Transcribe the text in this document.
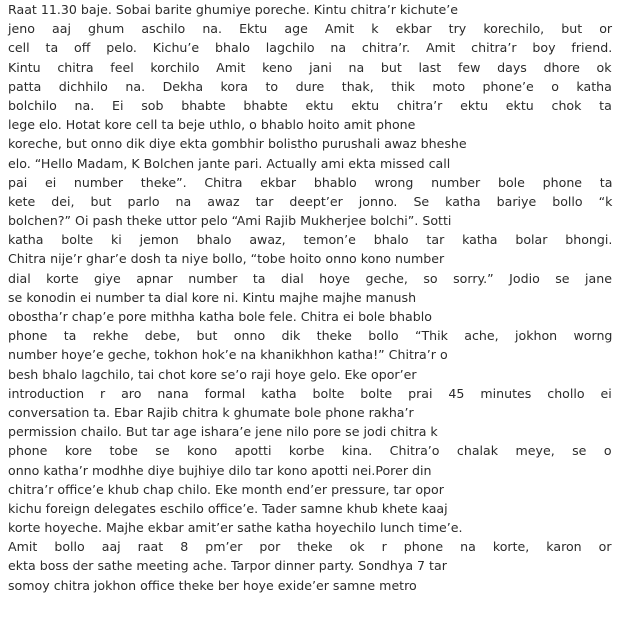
Raat 11.30 baje. Sobai barite ghumiye poreche. Kintu chitra’r kichute’e
jeno aaj ghum aschilo na. Ektu age Amit k ekbar try korechilo, but or
cell ta off pelo. Kichu’e bhalo lagchilo na chitra’r. Amit chitra’r boy friend.
Kintu chitra feel korchilo Amit keno jani na but last few days dhore ok
patta dichhilo na. Dekha kora to dure thak, thik moto phone’e o katha
bolchilo na. Ei sob bhabte bhabte ektu ektu chitra’r ektu ektu chok ta
lege elo. Hotat kore cell ta beje uthlo, o bhablo hoito amit phone
koreche, but onno dik diye ekta gombhir bolistho purushali awaz bheshe
elo. “Hello Madam, K Bolchen jante pari. Actually ami ekta missed call
pai ei number theke”. Chitra ekbar bhablo wrong number bole phone ta
kete dei, but parlo na awaz tar deept’er jonno. Se katha bariye bollo “k
bolchen?” Oi pash theke uttor pelo “Ami Rajib Mukherjee bolchi”. Sotti
katha bolte ki jemon bhalo awaz, temon’e bhalo tar katha bolar bhongi.
Chitra nije’r ghar’e dosh ta niye bollo, “tobe hoito onno kono number
dial korte giye apnar number ta dial hoye geche, so sorry.” Jodio se jane
se konodin ei number ta dial kore ni. Kintu majhe majhe manush
obostha’r chap’e pore mithha katha bole fele. Chitra ei bole bhablo
phone ta rekhe debe, but onno dik theke bollo “Thik ache, jokhon worng
number hoye’e geche, tokhon hok’e na khanikhhon katha!” Chitra’r o
besh bhalo lagchilo, tai chot kore se’o raji hoye gelo. Eke opor’er
introduction r aro nana formal katha bolte bolte prai 45 minutes chollo ei
conversation ta. Ebar Rajib chitra k ghumate bole phone rakha’r
permission chailo. But tar age ishara’e jene nilo pore se jodi chitra k
phone kore tobe se kono apotti korbe kina. Chitra’o chalak meye, se o
onno katha’r modhhe diye bujhiye dilo tar kono apotti nei.Porer din
chitra’r office’e khub chap chilo. Eke month end’er pressure, tar opor
kichu foreign delegates eschilo office’e. Tader samne khub khete kaaj
korte hoyeche. Majhe ekbar amit’er sathe katha hoyechilo lunch time’e.
Amit bollo aaj raat 8 pm’er por theke ok r phone na korte, karon or
ekta boss der sathe meeting ache. Tarpor dinner party. Sondhya 7 tar
somoy chitra jokhon office theke ber hoye exide’er samne metro
